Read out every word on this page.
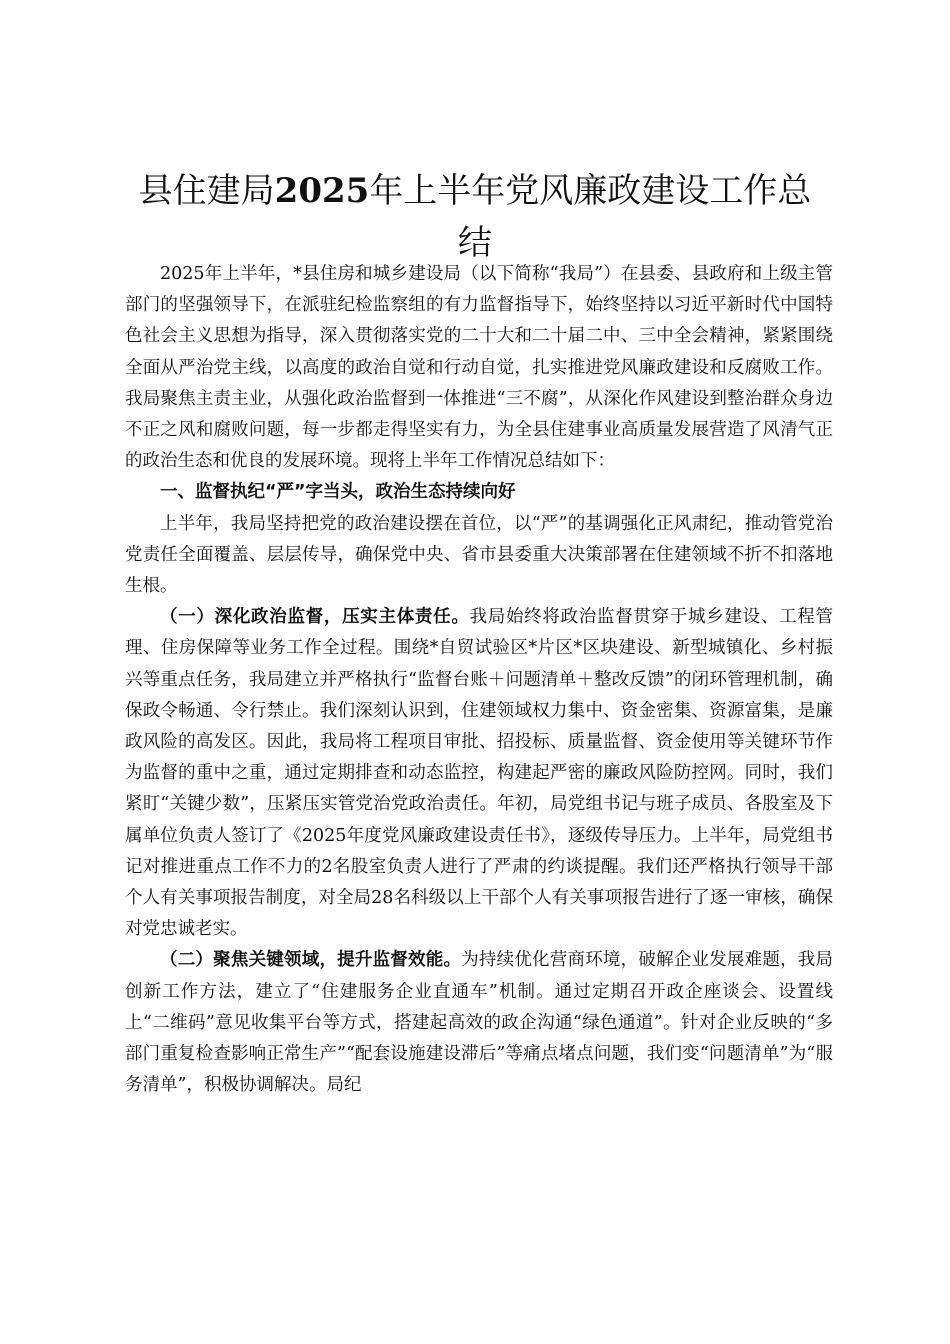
县住建局2025年上半年党风廉政建设工作总结

2025年上半年，*县住房和城乡建设局（以下简称“我局”）在县委、县政府和上级主管部门的坚强领导下，在派驻纪检监察组的有力监督指导下，始终坚持以习近平新时代中国特色社会主义思想为指导，深入贯彻落实党的二十大和二十届二中、三中全会精神，紧紧围绕全面从严治党主线，以高度的政治自觉和行动自觉，扎实推进党风廉政建设和反腐败工作。我局聚焦主责主业，从强化政治监督到一体推进“三不腐”，从深化作风建设到整治群众身边不正之风和腐败问题，每一步都走得坚实有力，为全县住建事业高质量发展营造了风清气正的政治生态和优良的发展环境。现将上半年工作情况总结如下：

一、监督执纪“严”字当头，政治生态持续向好

上半年，我局坚持把党的政治建设摆在首位，以“严”的基调强化正风肃纪，推动管党治党责任全面覆盖、层层传导，确保党中央、省市县委重大决策部署在住建领域不折不扣落地生根。

（一）深化政治监督，压实主体责任。我局始终将政治监督贯穿于城乡建设、工程管理、住房保障等业务工作全过程。围绕*自贸试验区*片区*区块建设、新型城镇化、乡村振兴等重点任务，我局建立并严格执行“监督台账＋问题清单＋整改反馈”的闭环管理机制，确保政令畅通、令行禁止。我们深刻认识到，住建领域权力集中、资金密集、资源富集，是廉政风险的高发区。因此，我局将工程项目审批、招投标、质量监督、资金使用等关键环节作为监督的重中之重，通过定期排查和动态监控，构建起严密的廉政风险防控网。同时，我们紧盯“关键少数”，压紧压实管党治党政治责任。年初，局党组书记与班子成员、各股室及下属单位负责人签订了《2025年度党风廉政建设责任书》，逐级传导压力。上半年，局党组书记对推进重点工作不力的2名股室负责人进行了严肃的约谈提醒。我们还严格执行领导干部个人有关事项报告制度，对全局28名科级以上干部个人有关事项报告进行了逐一审核，确保对党忠诚老实。

（二）聚焦关键领域，提升监督效能。为持续优化营商环境，破解企业发展难题，我局创新工作方法，建立了“住建服务企业直通车”机制。通过定期召开政企座谈会、设置线上“二维码”意见收集平台等方式，搭建起高效的政企沟通“绿色通道”。针对企业反映的“多部门重复检查影响正常生产”“配套设施建设滞后”等痛点堵点问题，我们变“问题清单”为“服务清单”，积极协调解决。局纪
